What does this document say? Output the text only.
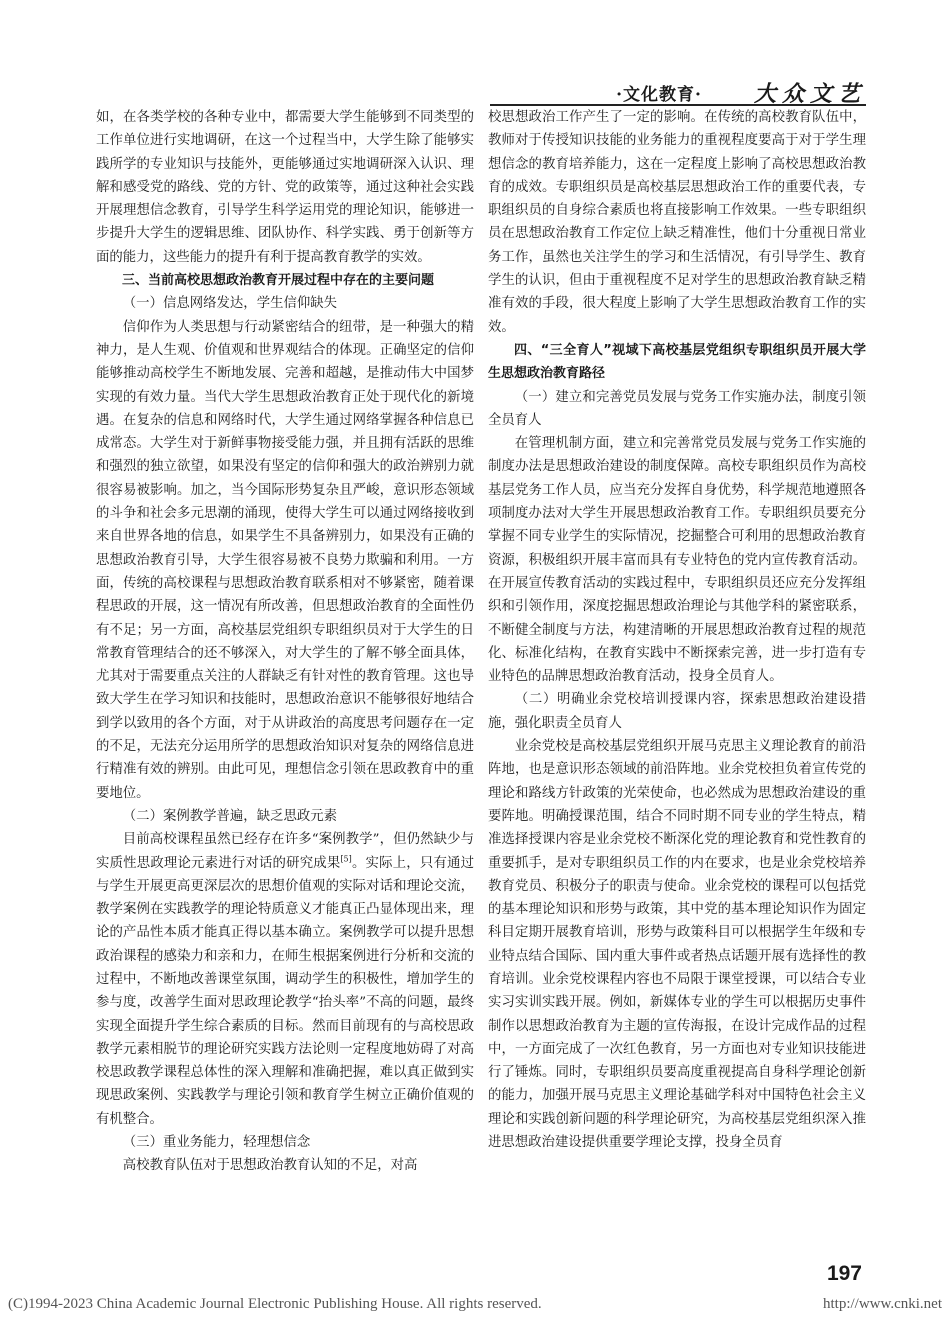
·文化教育· 大众文艺

如，在各类学校的各种专业中，都需要大学生能够到不同类型的工作单位进行实地调研，在这一个过程当中，大学生除了能够实践所学的专业知识与技能外，更能够通过实地调研深入认识、理解和感受党的路线、党的方针、党的政策等，通过这种社会实践开展理想信念教育，引导学生科学运用党的理论知识，能够进一步提升大学生的逻辑思维、团队协作、科学实践、勇于创新等方面的能力，这些能力的提升有利于提高教育教学的实效。

三、当前高校思想政治教育开展过程中存在的主要问题

（一）信息网络发达，学生信仰缺失

信仰作为人类思想与行动紧密结合的纽带，是一种强大的精神力，是人生观、价值观和世界观结合的体现。正确坚定的信仰能够推动高校学生不断地发展、完善和超越，是推动伟大中国梦实现的有效力量。当代大学生思想政治教育正处于现代化的新境遇。在复杂的信息和网络时代，大学生通过网络掌握各种信息已成常态。大学生对于新鲜事物接受能力强，并且拥有活跃的思维和强烈的独立欲望，如果没有坚定的信仰和强大的政治辨别力就很容易被影响。加之，当今国际形势复杂且严峻，意识形态领域的斗争和社会多元思潮的涌现，使得大学生可以通过网络接收到来自世界各地的信息，如果学生不具备辨别力，如果没有正确的思想政治教育引导，大学生很容易被不良势力欺骗和利用。一方面，传统的高校课程与思想政治教育联系相对不够紧密，随着课程思政的开展，这一情况有所改善，但思想政治教育的全面性仍有不足；另一方面，高校基层党组织专职组织员对于大学生的日常教育管理结合的还不够深入，对大学生的了解不够全面具体，尤其对于需要重点关注的人群缺乏有针对性的教育管理。这也导致大学生在学习知识和技能时，思想政治意识不能够很好地结合到学以致用的各个方面，对于从讲政治的高度思考问题存在一定的不足，无法充分运用所学的思想政治知识对复杂的网络信息进行精准有效的辨别。由此可见，理想信念引领在思政教育中的重要地位。

（二）案例教学普遍，缺乏思政元素

目前高校课程虽然已经存在许多“案例教学”，但仍然缺少与实质性思政理论元素进行对话的研究成果[5]。实际上，只有通过与学生开展更高更深层次的思想价值观的实际对话和理论交流，教学案例在实践教学的理论特质意义才能真正凸显体现出来，理论的产品性本质才能真正得以基本确立。案例教学可以提升思想政治课程的感染力和亲和力，在师生根据案例进行分析和交流的过程中，不断地改善课堂氛围，调动学生的积极性，增加学生的参与度，改善学生面对思政理论教学“抬头率”不高的问题，最终实现全面提升学生综合素质的目标。然而目前现有的与高校思政教学元素相脱节的理论研究实践方法论则一定程度地妨碍了对高校思政教学课程总体性的深入理解和准确把握，难以真正做到实现思政案例、实践教学与理论引领和教育学生树立正确价值观的有机整合。

（三）重业务能力，轻理想信念

高校教育队伍对于思想政治教育认知的不足，对高

校思想政治工作产生了一定的影响。在传统的高校教育队伍中，教师对于传授知识技能的业务能力的重视程度要高于对于学生理想信念的教育培养能力，这在一定程度上影响了高校思想政治教育的成效。专职组织员是高校基层思想政治工作的重要代表，专职组织员的自身综合素质也将直接影响工作效果。一些专职组织员在思想政治教育工作定位上缺乏精准性，他们十分重视日常业务工作，虽然也关注学生的学习和生活情况，有引导学生、教育学生的认识，但由于重视程度不足对学生的思想政治教育缺乏精准有效的手段，很大程度上影响了大学生思想政治教育工作的实效。

四、“三全育人”视域下高校基层党组织专职组织员开展大学生思想政治教育路径

（一）建立和完善党员发展与党务工作实施办法，制度引领全员育人

在管理机制方面，建立和完善常党员发展与党务工作实施的制度办法是思想政治建设的制度保障。高校专职组织员作为高校基层党务工作人员，应当充分发挥自身优势，科学规范地遵照各项制度办法对大学生开展思想政治教育工作。专职组织员要充分掌握不同专业学生的实际情况，挖掘整合可利用的思想政治教育资源，积极组织开展丰富而具有专业特色的党内宣传教育活动。在开展宣传教育活动的实践过程中，专职组织员还应充分发挥组织和引领作用，深度挖掘思想政治理论与其他学科的紧密联系，不断健全制度与方法，构建清晰的开展思想政治教育过程的规范化、标准化结构，在教育实践中不断探索完善，进一步打造有专业特色的品牌思想政治教育活动，投身全员育人。

（二）明确业余党校培训授课内容，探索思想政治建设措施，强化职责全员育人

业余党校是高校基层党组织开展马克思主义理论教育的前沿阵地，也是意识形态领域的前沿阵地。业余党校担负着宣传党的理论和路线方针政策的光荣使命，也必然成为思想政治建设的重要阵地。明确授课范围，结合不同时期不同专业的学生特点，精准选择授课内容是业余党校不断深化党的理论教育和党性教育的重要抓手，是对专职组织员工作的内在要求，也是业余党校培养教育党员、积极分子的职责与使命。业余党校的课程可以包括党的基本理论知识和形势与政策，其中党的基本理论知识作为固定科目定期开展教育培训，形势与政策科目可以根据学生年级和专业特点结合国际、国内重大事件或者热点话题开展有选择性的教育培训。业余党校课程内容也不局限于课堂授课，可以结合专业实习实训实践开展。例如，新媒体专业的学生可以根据历史事件制作以思想政治教育为主题的宣传海报，在设计完成作品的过程中，一方面完成了一次红色教育，另一方面也对专业知识技能进行了锤炼。同时，专职组织员要高度重视提高自身科学理论创新的能力，加强开展马克思主义理论基础学科对中国特色社会主义理论和实践创新问题的科学理论研究，为高校基层党组织深入推进思想政治建设提供重要学理论支撑，投身全员育

197
(C)1994-2023 China Academic Journal Electronic Publishing House. All rights reserved.	http://www.cnki.net
